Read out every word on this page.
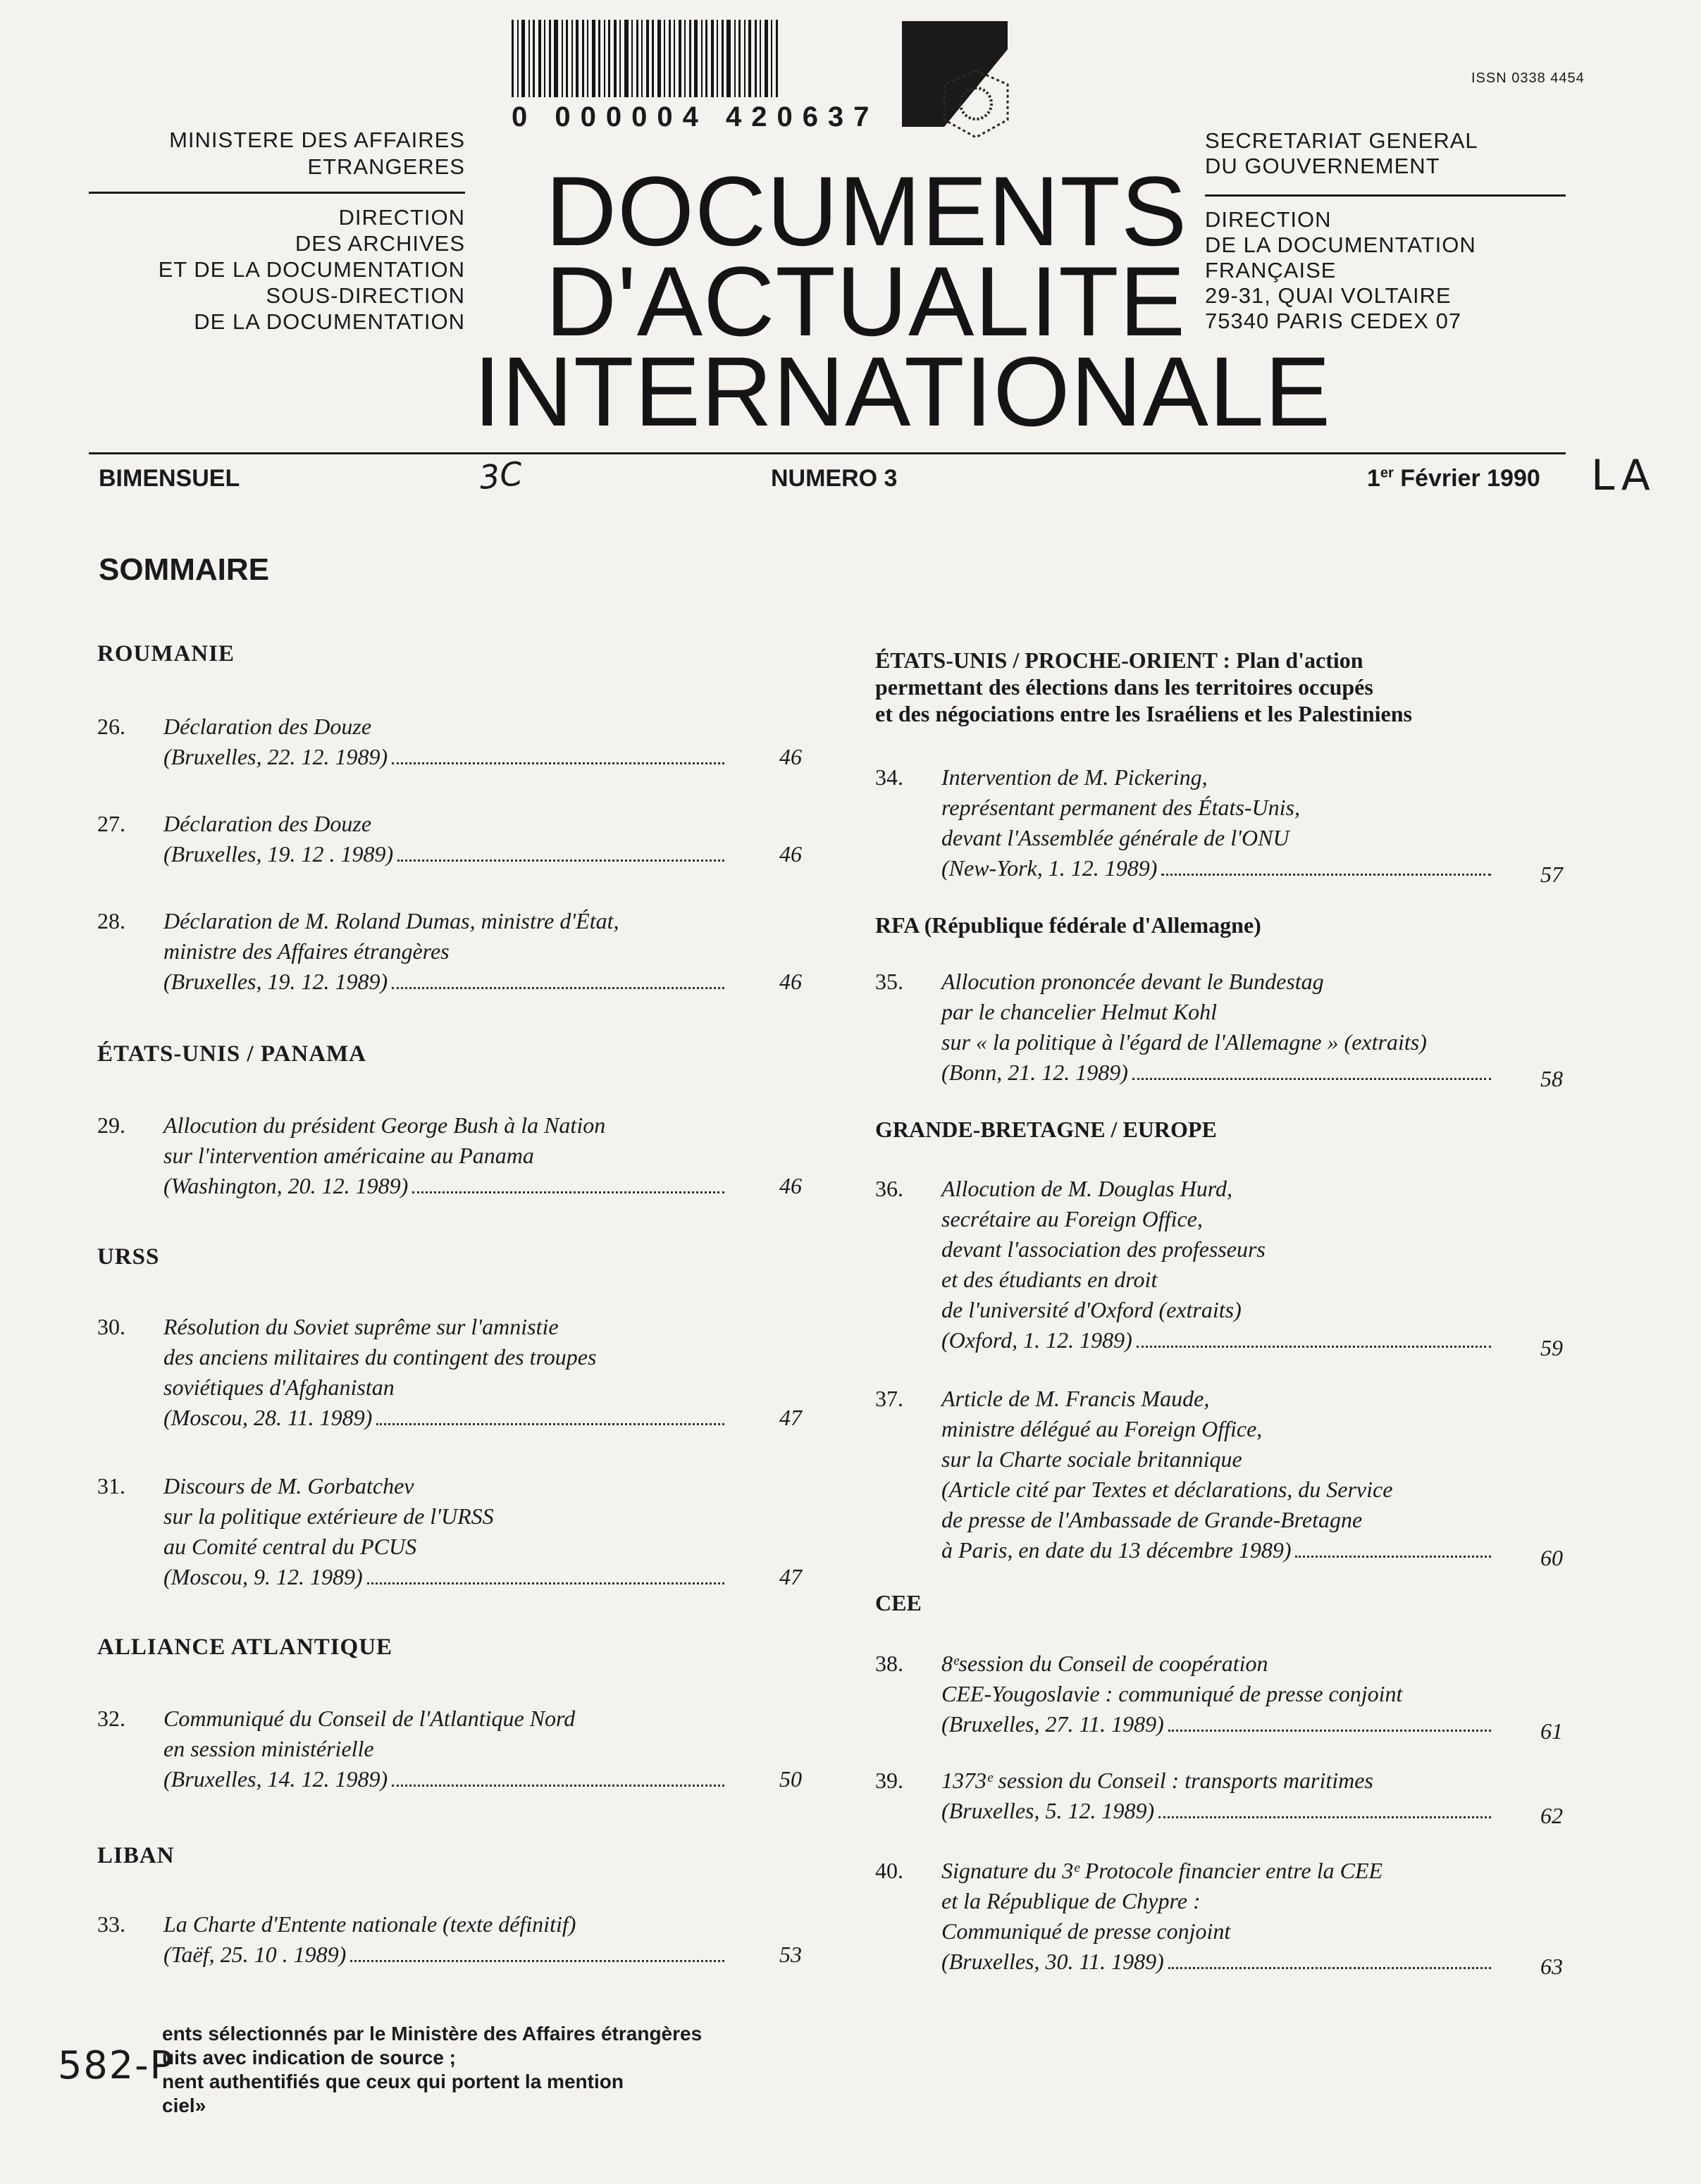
0 000004 420637
ISSN 0338 4454
MINISTERE DES AFFAIRES
ETRANGERES
DIRECTION
DES ARCHIVES
ET DE LA DOCUMENTATION
SOUS-DIRECTION
DE LA DOCUMENTATION
SECRETARIAT GENERAL
DU GOUVERNEMENT
DIRECTION
DE LA DOCUMENTATION
FRANÇAISE
29-31, QUAI VOLTAIRE
75340 PARIS CEDEX 07
DOCUMENTS
D'ACTUALITE
INTERNATIONALE
BIMENSUEL	3C	NUMERO 3	1er Février 1990 LA
SOMMAIRE
ROUMANIE
26. Déclaration des Douze
(Bruxelles, 22. 12. 1989)	46
27. Déclaration des Douze
(Bruxelles, 19. 12 . 1989)	46
28. Déclaration de M. Roland Dumas, ministre d'État,
ministre des Affaires étrangères
(Bruxelles, 19. 12. 1989)	46
ÉTATS-UNIS / PANAMA
29. Allocution du président George Bush à la Nation
sur l'intervention américaine au Panama
(Washington, 20. 12. 1989)	46
URSS
30. Résolution du Soviet suprême sur l'amnistie
des anciens militaires du contingent des troupes
soviétiques d'Afghanistan
(Moscou, 28. 11. 1989)	47
31. Discours de M. Gorbatchev
sur la politique extérieure de l'URSS
au Comité central du PCUS
(Moscou, 9. 12. 1989)	47
ALLIANCE ATLANTIQUE
32. Communiqué du Conseil de l'Atlantique Nord
en session ministérielle
(Bruxelles, 14. 12. 1989)	50
LIBAN
33. La Charte d'Entente nationale (texte définitif)
(Taëf, 25. 10 . 1989)	53
ÉTATS-UNIS / PROCHE-ORIENT : Plan d'action
permettant des élections dans les territoires occupés
et des négociations entre les Israéliens et les Palestiniens
34. Intervention de M. Pickering,
représentant permanent des États-Unis,
devant l'Assemblée générale de l'ONU
(New-York, 1. 12. 1989)	57
RFA (République fédérale d'Allemagne)
35. Allocution prononcée devant le Bundestag
par le chancelier Helmut Kohl
sur « la politique à l'égard de l'Allemagne » (extraits)
(Bonn, 21. 12. 1989)	58
GRANDE-BRETAGNE / EUROPE
36. Allocution de M. Douglas Hurd,
secrétaire au Foreign Office,
devant l'association des professeurs
et des étudiants en droit
de l'université d'Oxford (extraits)
(Oxford, 1. 12. 1989)	59
37. Article de M. Francis Maude,
ministre délégué au Foreign Office,
sur la Charte sociale britannique
(Article cité par Textes et déclarations, du Service
de presse de l'Ambassade de Grande-Bretagne
à Paris, en date du 13 décembre 1989)	60
CEE
38. 8ᵉsession du Conseil de coopération
CEE-Yougoslavie : communiqué de presse conjoint
(Bruxelles, 27. 11. 1989)	61
39. 1373ᵉ session du Conseil : transports maritimes
(Bruxelles, 5. 12. 1989)	62
40. Signature du 3ᵉ Protocole financier entre la CEE
et la République de Chypre :
Communiqué de presse conjoint
(Bruxelles, 30. 11. 1989)	63
ents sélectionnés par le Ministère des Affaires étrangères
uits avec indication de source ;
nent authentifiés que ceux qui portent la mention
ciel»
582-P
